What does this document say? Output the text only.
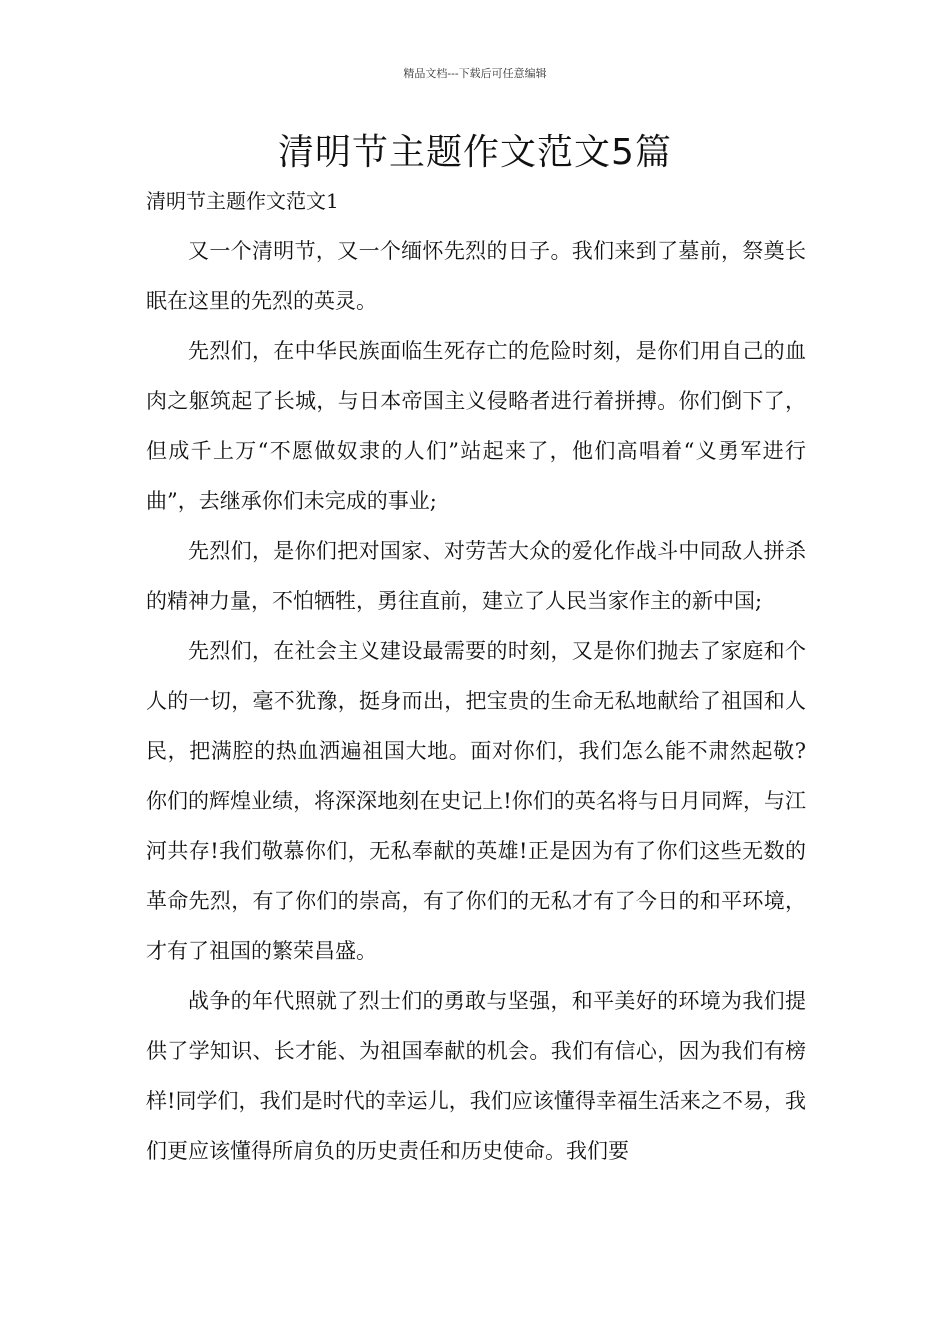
精品文档---下载后可任意编辑
清明节主题作文范文5篇
清明节主题作文范文1

又一个清明节，又一个缅怀先烈的日子。我们来到了墓前，祭奠长眠在这里的先烈的英灵。

先烈们，在中华民族面临生死存亡的危险时刻，是你们用自己的血肉之躯筑起了长城，与日本帝国主义侵略者进行着拼搏。你们倒下了，但成千上万“不愿做奴隶的人们”站起来了，他们高唱着“义勇军进行曲”，去继承你们未完成的事业;

先烈们，是你们把对国家、对劳苦大众的爱化作战斗中同敌人拼杀的精神力量，不怕牺牲，勇往直前，建立了人民当家作主的新中国;

先烈们，在社会主义建设最需要的时刻，又是你们抛去了家庭和个人的一切，毫不犹豫，挺身而出，把宝贵的生命无私地献给了祖国和人民，把满腔的热血洒遍祖国大地。面对你们，我们怎么能不肃然起敬?你们的辉煌业绩，将深深地刻在史记上!你们的英名将与日月同辉，与江河共存!我们敬慕你们，无私奉献的英雄!正是因为有了你们这些无数的革命先烈，有了你们的崇高，有了你们的无私才有了今日的和平环境，才有了祖国的繁荣昌盛。

战争的年代照就了烈士们的勇敢与坚强，和平美好的环境为我们提供了学知识、长才能、为祖国奉献的机会。我们有信心，因为我们有榜样!同学们，我们是时代的幸运儿，我们应该懂得幸福生活来之不易，我们更应该懂得所肩负的历史责任和历史使命。我们要
